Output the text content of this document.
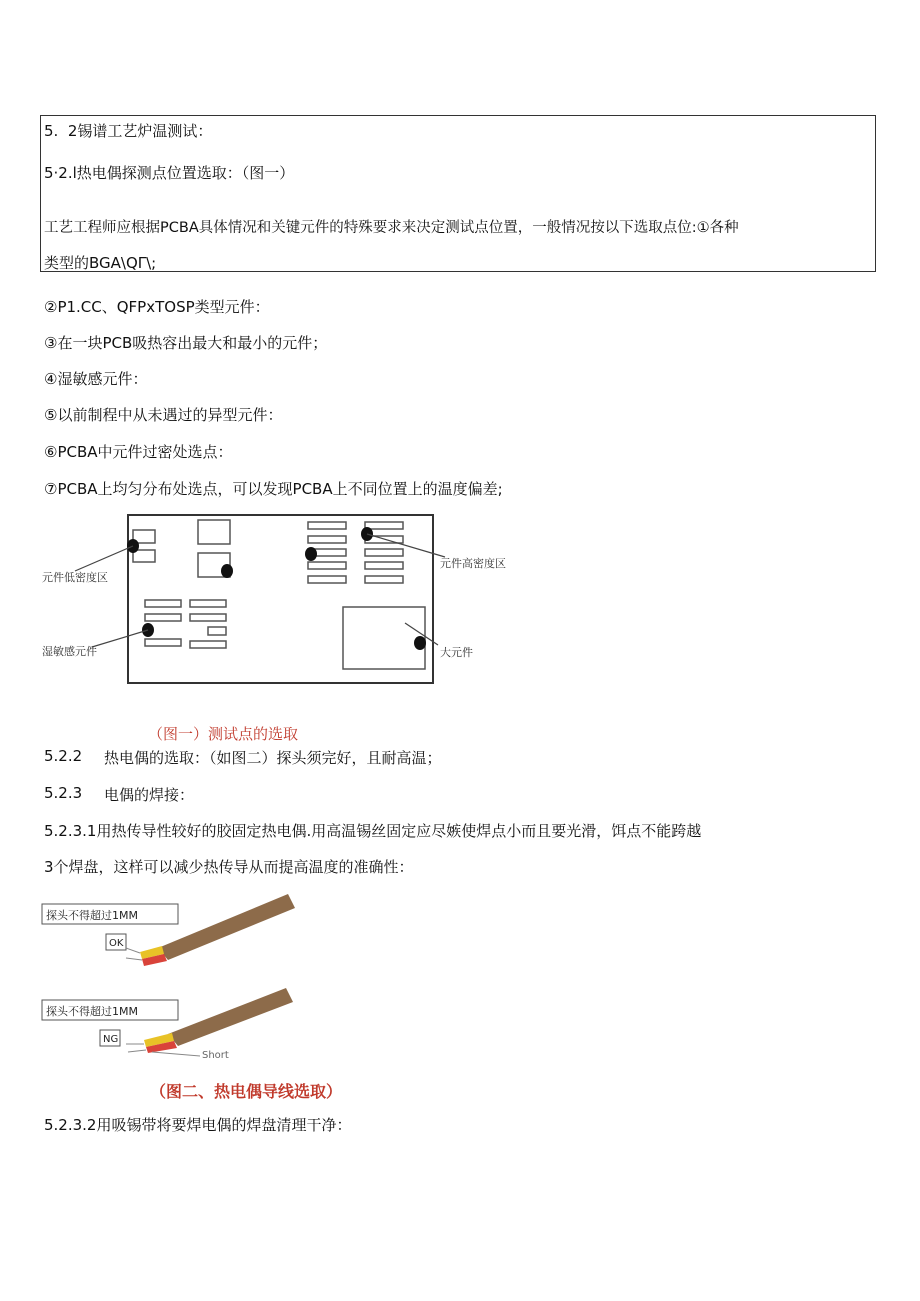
5.  2锡谱工艺炉温测试：
5·2.l热电偶探测点位置选取：（图一）
工艺工程师应根据PCBA具体情况和关键元件的特殊要求来决定测试点位置，一般情况按以下选取点位:①各种
类型的BGA\QΓ\;
②P1.CC、QFPxTOSP类型元件：
③在一块PCB吸热容出最大和最小的元件；
④湿敏感元件：
⑤以前制程中从未遇过的异型元件：
⑥PCBA中元件过密处选点：
⑦PCBA上均匀分布处选点，可以发现PCBA上不同位置上的温度偏差;
元件低密度区
湿敏感元件
元件高密度区
大元件
（图一）测试点的选取
5.2.2 热电偶的选取：（如图二）探头须完好，且耐高温；
5.2.3 电偶的焊接：
5.2.3.1用热传导性较好的胶固定热电偶.用高温锡丝固定应尽嫉使焊点小而且要光滑，饵点不能跨越
3个焊盘，这样可以减少热传导从而提高温度的准确性：
探头不得超过1MM
OK
探头不得超过1MM
NG
Short
（图二、热电偶导线选取）
5.2.3.2用吸锡带将要焊电偶的焊盘清理干净：
